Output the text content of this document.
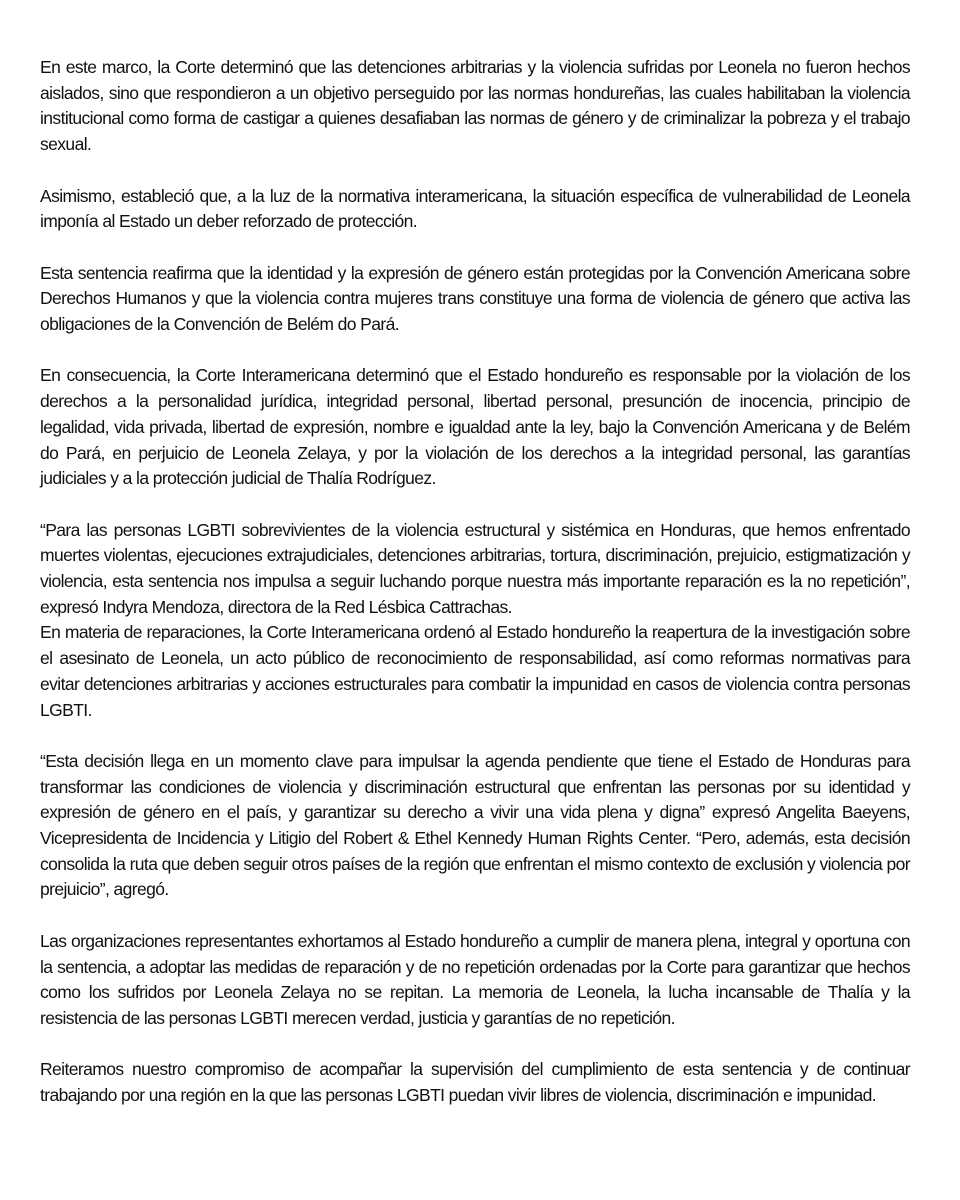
En este marco, la Corte determinó que las detenciones arbitrarias y la violencia sufridas por Leonela no fueron hechos aislados, sino que respondieron a un objetivo perseguido por las normas hondureñas, las cuales habilitaban la violencia institucional como forma de castigar a quienes desafiaban las normas de género y de criminalizar la pobreza y el trabajo sexual.

Asimismo, estableció que, a la luz de la normativa interamericana, la situación específica de vulnerabilidad de Leonela imponía al Estado un deber reforzado de protección.

Esta sentencia reafirma que la identidad y la expresión de género están protegidas por la Convención Americana sobre Derechos Humanos y que la violencia contra mujeres trans constituye una forma de violencia de género que activa las obligaciones de la Convención de Belém do Pará.

En consecuencia, la Corte Interamericana determinó que el Estado hondureño es responsable por la violación de los derechos a la personalidad jurídica, integridad personal, libertad personal, presunción de inocencia, principio de legalidad, vida privada, libertad de expresión, nombre e igualdad ante la ley, bajo la Convención Americana y de Belém do Pará, en perjuicio de Leonela Zelaya, y por la violación de los derechos a la integridad personal, las garantías judiciales y a la protección judicial de Thalía Rodríguez.

“Para las personas LGBTI sobrevivientes de la violencia estructural y sistémica en Honduras, que hemos enfrentado muertes violentas, ejecuciones extrajudiciales, detenciones arbitrarias, tortura, discriminación, prejuicio, estigmatización y violencia, esta sentencia nos impulsa a seguir luchando porque nuestra más importante reparación es la no repetición”, expresó Indyra Mendoza, directora de la Red Lésbica Cattrachas.

En materia de reparaciones, la Corte Interamericana ordenó al Estado hondureño la reapertura de la investigación sobre el asesinato de Leonela, un acto público de reconocimiento de responsabilidad, así como reformas normativas para evitar detenciones arbitrarias y acciones estructurales para combatir la impunidad en casos de violencia contra personas LGBTI.

“Esta decisión llega en un momento clave para impulsar la agenda pendiente que tiene el Estado de Honduras para transformar las condiciones de violencia y discriminación estructural que enfrentan las personas por su identidad y expresión de género en el país, y garantizar su derecho a vivir una vida plena y digna” expresó Angelita Baeyens, Vicepresidenta de Incidencia y Litigio del Robert & Ethel Kennedy Human Rights Center. “Pero, además, esta decisión consolida la ruta que deben seguir otros países de la región que enfrentan el mismo contexto de exclusión y violencia por prejuicio”, agregó.

Las organizaciones representantes exhortamos al Estado hondureño a cumplir de manera plena, integral y oportuna con la sentencia, a adoptar las medidas de reparación y de no repetición ordenadas por la Corte para garantizar que hechos como los sufridos por Leonela Zelaya no se repitan. La memoria de Leonela, la lucha incansable de Thalía y la resistencia de las personas LGBTI merecen verdad, justicia y garantías de no repetición.

Reiteramos nuestro compromiso de acompañar la supervisión del cumplimiento de esta sentencia y de continuar trabajando por una región en la que las personas LGBTI puedan vivir libres de violencia, discriminación e impunidad.
